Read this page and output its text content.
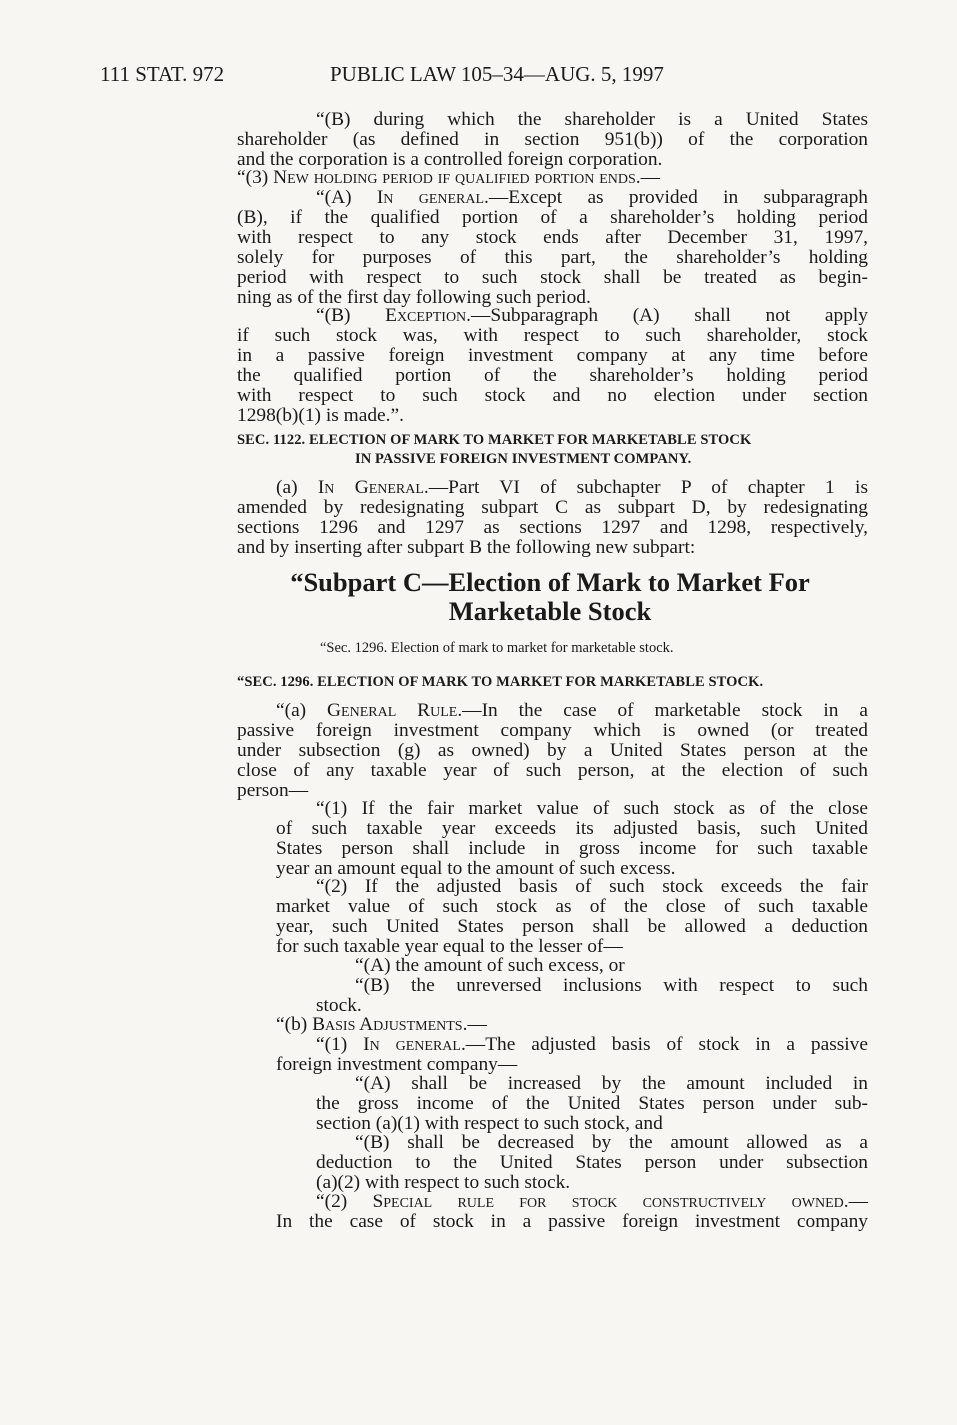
111 STAT. 972	PUBLIC LAW 105–34—AUG. 5, 1997
“(B) during which the shareholder is a United States
shareholder (as defined in section 951(b)) of the corporation
and the corporation is a controlled foreign corporation.
“(3) New holding period if qualified portion ends.—
“(A) In general.—Except as provided in subparagraph
(B), if the qualified portion of a shareholder’s holding period
with respect to any stock ends after December 31, 1997,
solely for purposes of this part, the shareholder’s holding
period with respect to such stock shall be treated as begin-
ning as of the first day following such period.
“(B) Exception.—Subparagraph (A) shall not apply
if such stock was, with respect to such shareholder, stock
in a passive foreign investment company at any time before
the qualified portion of the shareholder’s holding period
with respect to such stock and no election under section
1298(b)(1) is made.”.
SEC. 1122. ELECTION OF MARK TO MARKET FOR MARKETABLE STOCK
IN PASSIVE FOREIGN INVESTMENT COMPANY.
(a) In General.—Part VI of subchapter P of chapter 1 is
amended by redesignating subpart C as subpart D, by redesignating
sections 1296 and 1297 as sections 1297 and 1298, respectively,
and by inserting after subpart B the following new subpart:
“Subpart C—Election of Mark to Market For
Marketable Stock
“Sec. 1296. Election of mark to market for marketable stock.
“SEC. 1296. ELECTION OF MARK TO MARKET FOR MARKETABLE STOCK.
“(a) General Rule.—In the case of marketable stock in a
passive foreign investment company which is owned (or treated
under subsection (g) as owned) by a United States person at the
close of any taxable year of such person, at the election of such
person—
“(1) If the fair market value of such stock as of the close
of such taxable year exceeds its adjusted basis, such United
States person shall include in gross income for such taxable
year an amount equal to the amount of such excess.
“(2) If the adjusted basis of such stock exceeds the fair
market value of such stock as of the close of such taxable
year, such United States person shall be allowed a deduction
for such taxable year equal to the lesser of—
“(A) the amount of such excess, or
“(B) the unreversed inclusions with respect to such
stock.
“(b) Basis Adjustments.—
“(1) In general.—The adjusted basis of stock in a passive
foreign investment company—
“(A) shall be increased by the amount included in
the gross income of the United States person under sub-
section (a)(1) with respect to such stock, and
“(B) shall be decreased by the amount allowed as a
deduction to the United States person under subsection
(a)(2) with respect to such stock.
“(2) Special rule for stock constructively owned.—
In the case of stock in a passive foreign investment company
